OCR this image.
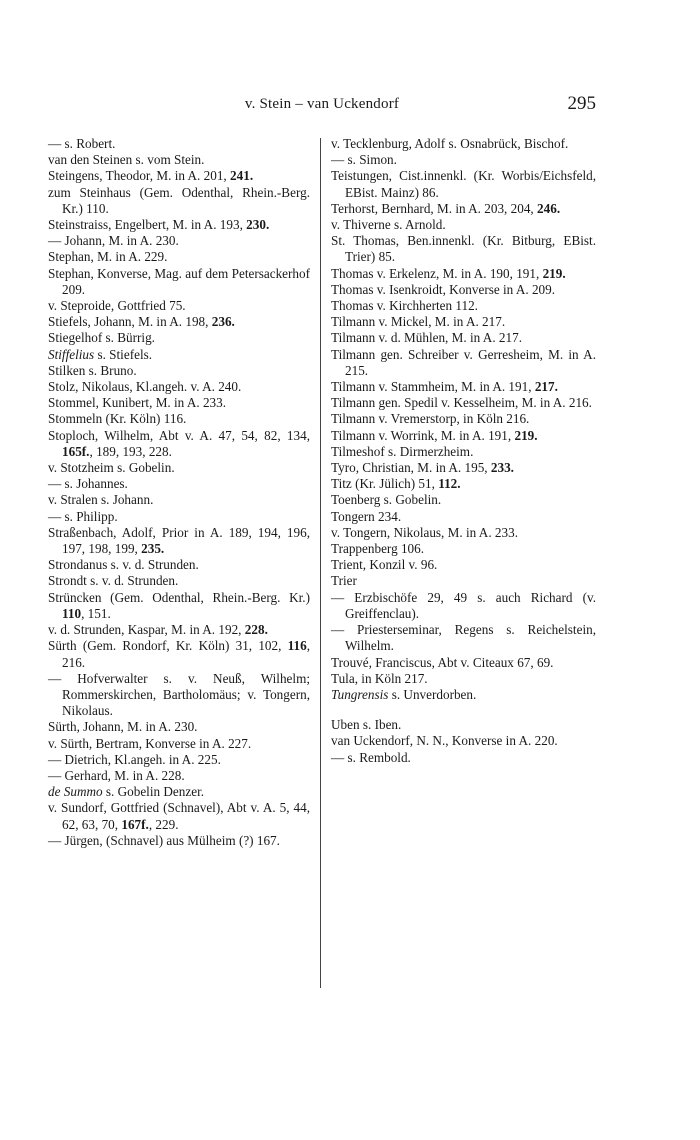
v. Stein – van Uckendorf	295
— s. Robert.
van den Steinen s. vom Stein.
Steingens, Theodor, M. in A. 201, 241.
zum Steinhaus (Gem. Odenthal, Rhein.-Berg. Kr.) 110.
Steinstraiss, Engelbert, M. in A. 193, 230.
— Johann, M. in A. 230.
Stephan, M. in A. 229.
Stephan, Konverse, Mag. auf dem Petersackerhof 209.
v. Steproide, Gottfried 75.
Stiefels, Johann, M. in A. 198, 236.
Stiegelhof s. Bürrig.
Stiffelius s. Stiefels.
Stilken s. Bruno.
Stolz, Nikolaus, Kl.angeh. v. A. 240.
Stommel, Kunibert, M. in A. 233.
Stommeln (Kr. Köln) 116.
Stoploch, Wilhelm, Abt v. A. 47, 54, 82, 134, 165f., 189, 193, 228.
v. Stotzheim s. Gobelin.
— s. Johannes.
v. Stralen s. Johann.
— s. Philipp.
Straßenbach, Adolf, Prior in A. 189, 194, 196, 197, 198, 199, 235.
Strondanus s. v. d. Strunden.
Strondt s. v. d. Strunden.
Strüncken (Gem. Odenthal, Rhein.-Berg. Kr.) 110, 151.
v. d. Strunden, Kaspar, M. in A. 192, 228.
Sürth (Gem. Rondorf, Kr. Köln) 31, 102, 116, 216.
— Hofverwalter s. v. Neuß, Wilhelm; Rommerskirchen, Bartholomäus; v. Tongern, Nikolaus.
Sürth, Johann, M. in A. 230.
v. Sürth, Bertram, Konverse in A. 227.
— Dietrich, Kl.angeh. in A. 225.
— Gerhard, M. in A. 228.
de Summo s. Gobelin Denzer.
v. Sundorf, Gottfried (Schnavel), Abt v. A. 5, 44, 62, 63, 70, 167f., 229.
— Jürgen, (Schnavel) aus Mülheim (?) 167.
v. Tecklenburg, Adolf s. Osnabrück, Bischof.
— s. Simon.
Teistungen, Cist.innenkl. (Kr. Worbis/Eichsfeld, EBist. Mainz) 86.
Terhorst, Bernhard, M. in A. 203, 204, 246.
v. Thiverne s. Arnold.
St. Thomas, Ben.innenkl. (Kr. Bitburg, EBist. Trier) 85.
Thomas v. Erkelenz, M. in A. 190, 191, 219.
Thomas v. Isenkroidt, Konverse in A. 209.
Thomas v. Kirchherten 112.
Tilmann v. Mickel, M. in A. 217.
Tilmann v. d. Mühlen, M. in A. 217.
Tilmann gen. Schreiber v. Gerresheim, M. in A. 215.
Tilmann v. Stammheim, M. in A. 191, 217.
Tilmann gen. Spedil v. Kesselheim, M. in A. 216.
Tilmann v. Vremerstorp, in Köln 216.
Tilmann v. Worrink, M. in A. 191, 219.
Tilmeshof s. Dirmerzheim.
Tyro, Christian, M. in A. 195, 233.
Titz (Kr. Jülich) 51, 112.
Toenberg s. Gobelin.
Tongern 234.
v. Tongern, Nikolaus, M. in A. 233.
Trappenberg 106.
Trient, Konzil v. 96.
Trier
— Erzbischöfe 29, 49 s. auch Richard (v. Greiffenclau).
— Priesterseminar, Regens s. Reichelstein, Wilhelm.
Trouvé, Franciscus, Abt v. Citeaux 67, 69.
Tula, in Köln 217.
Tungrensis s. Unverdorben.
Uben s. Iben.
van Uckendorf, N. N., Konverse in A. 220.
— s. Rembold.
